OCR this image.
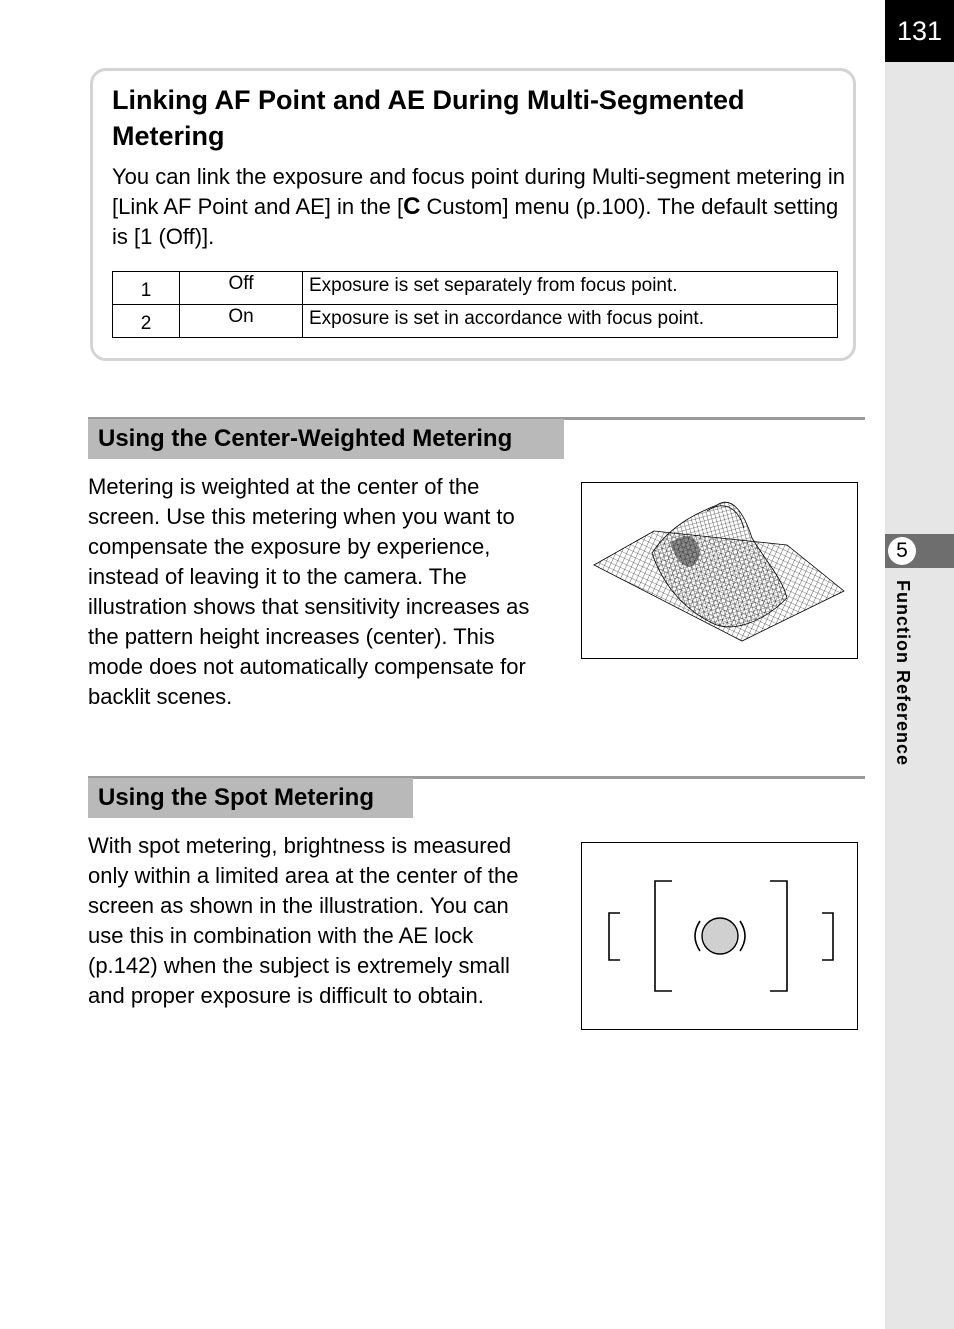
131
5
Function Reference
Linking AF Point and AE During Multi-Segmented Metering
You can link the exposure and focus point during Multi-segment metering in [Link AF Point and AE] in the [C Custom] menu (p.100). The default setting is [1 (Off)].
1	Off	Exposure is set separately from focus point.
2	On	Exposure is set in accordance with focus point.
Using the Center-Weighted Metering
Metering is weighted at the center of the screen. Use this metering when you want to compensate the exposure by experience, instead of leaving it to the camera. The illustration shows that sensitivity increases as the pattern height increases (center). This mode does not automatically compensate for backlit scenes.
Using the Spot Metering
With spot metering, brightness is measured only within a limited area at the center of the screen as shown in the illustration. You can use this in combination with the AE lock (p.142) when the subject is extremely small and proper exposure is difficult to obtain.
